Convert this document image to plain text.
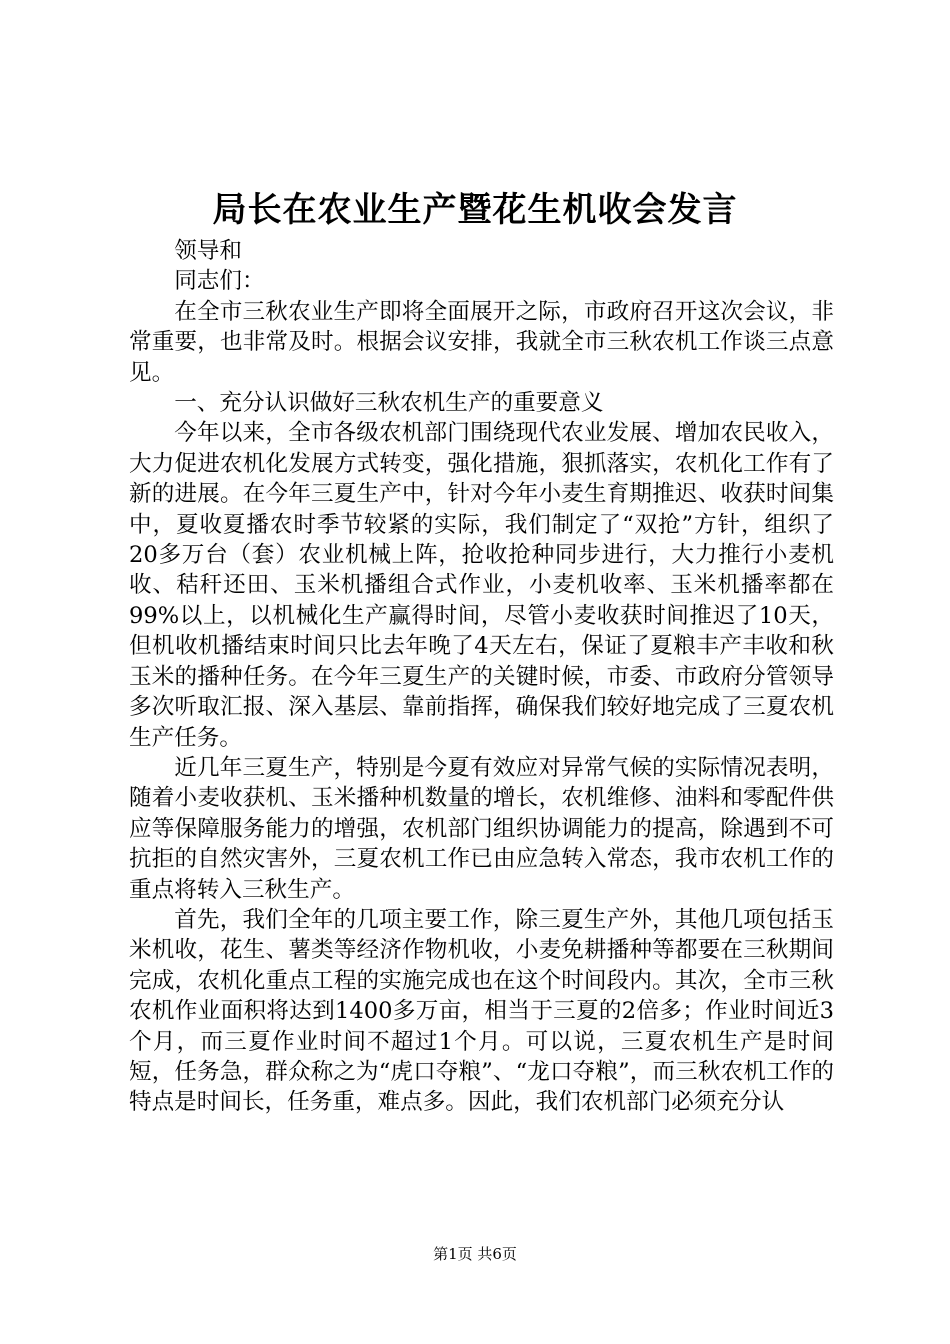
局长在农业生产暨花生机收会发言

领导和

同志们：

在全市三秋农业生产即将全面展开之际，市政府召开这次会议，非常重要，也非常及时。根据会议安排，我就全市三秋农机工作谈三点意见。

一、充分认识做好三秋农机生产的重要意义

今年以来，全市各级农机部门围绕现代农业发展、增加农民收入，大力促进农机化发展方式转变，强化措施，狠抓落实，农机化工作有了新的进展。在今年三夏生产中，针对今年小麦生育期推迟、收获时间集中，夏收夏播农时季节较紧的实际，我们制定了“双抢”方针，组织了20多万台（套）农业机械上阵，抢收抢种同步进行，大力推行小麦机收、秸秆还田、玉米机播组合式作业，小麦机收率、玉米机播率都在99%以上，以机械化生产赢得时间，尽管小麦收获时间推迟了10天，但机收机播结束时间只比去年晚了4天左右，保证了夏粮丰产丰收和秋玉米的播种任务。在今年三夏生产的关键时候，市委、市政府分管领导多次听取汇报、深入基层、靠前指挥，确保我们较好地完成了三夏农机生产任务。

近几年三夏生产，特别是今夏有效应对异常气候的实际情况表明，随着小麦收获机、玉米播种机数量的增长，农机维修、油料和零配件供应等保障服务能力的增强，农机部门组织协调能力的提高，除遇到不可抗拒的自然灾害外，三夏农机工作已由应急转入常态，我市农机工作的重点将转入三秋生产。

首先，我们全年的几项主要工作，除三夏生产外，其他几项包括玉米机收，花生、薯类等经济作物机收，小麦免耕播种等都要在三秋期间完成，农机化重点工程的实施完成也在这个时间段内。其次，全市三秋农机作业面积将达到1400多万亩，相当于三夏的2倍多；作业时间近3个月，而三夏作业时间不超过1个月。可以说，三夏农机生产是时间短，任务急，群众称之为“虎口夺粮”、“龙口夺粮”，而三秋农机工作的特点是时间长，任务重，难点多。因此，我们农机部门必须充分认

第1页 共6页
